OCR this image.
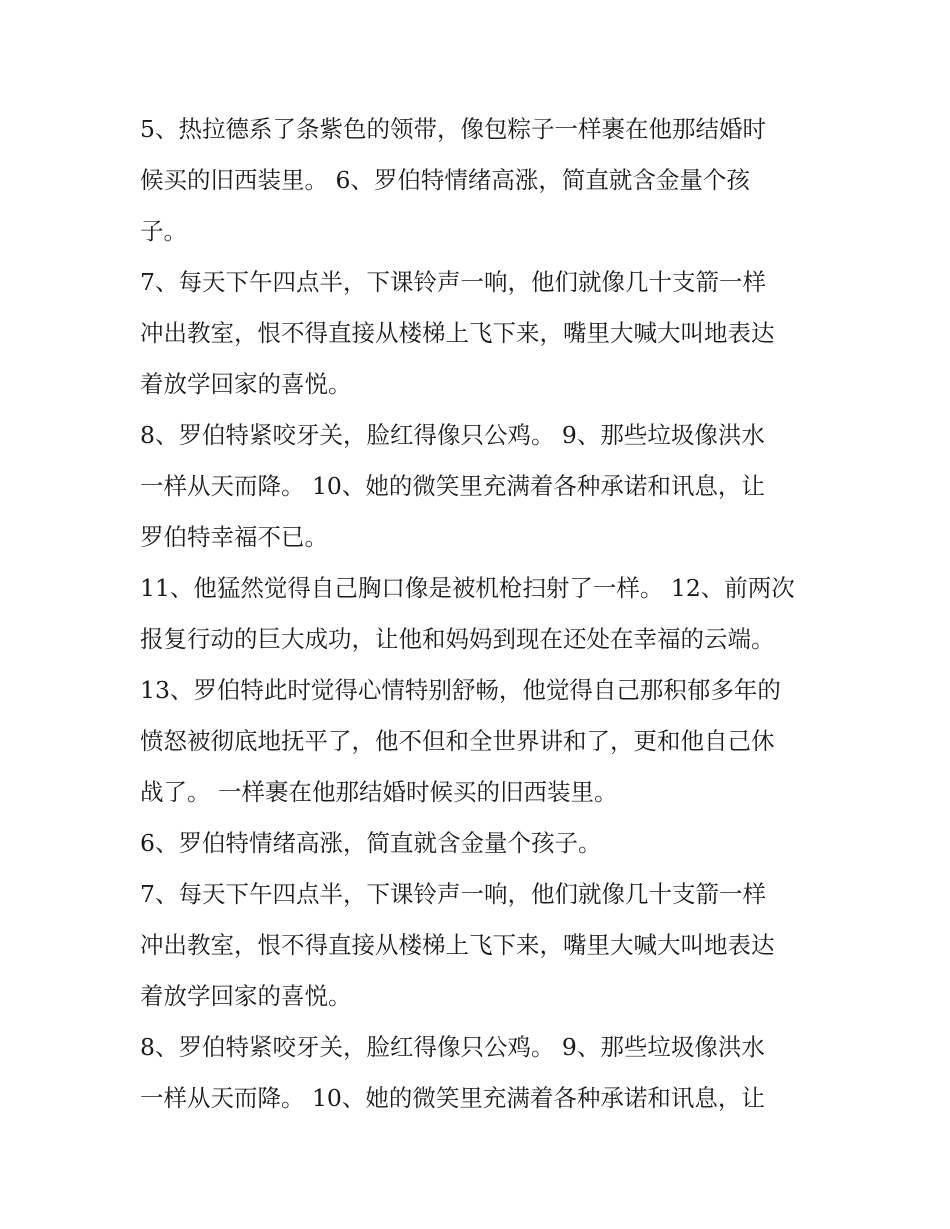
5、热拉德系了条紫色的领带，像包粽子一样裹在他那结婚时
候买的旧西装里。 6、罗伯特情绪高涨，简直就含金量个孩
子。
7、每天下午四点半，下课铃声一响，他们就像几十支箭一样
冲出教室，恨不得直接从楼梯上飞下来，嘴里大喊大叫地表达
着放学回家的喜悦。
8、罗伯特紧咬牙关，脸红得像只公鸡。 9、那些垃圾像洪水
一样从天而降。 10、她的微笑里充满着各种承诺和讯息，让
罗伯特幸福不已。
11、他猛然觉得自己胸口像是被机枪扫射了一样。 12、前两次
报复行动的巨大成功，让他和妈妈到现在还处在幸福的云端。
13、罗伯特此时觉得心情特别舒畅，他觉得自己那积郁多年的
愤怒被彻底地抚平了，他不但和全世界讲和了，更和他自己休
战了。 一样裹在他那结婚时候买的旧西装里。
6、罗伯特情绪高涨，简直就含金量个孩子。
7、每天下午四点半，下课铃声一响，他们就像几十支箭一样
冲出教室，恨不得直接从楼梯上飞下来，嘴里大喊大叫地表达
着放学回家的喜悦。
8、罗伯特紧咬牙关，脸红得像只公鸡。 9、那些垃圾像洪水
一样从天而降。 10、她的微笑里充满着各种承诺和讯息，让
